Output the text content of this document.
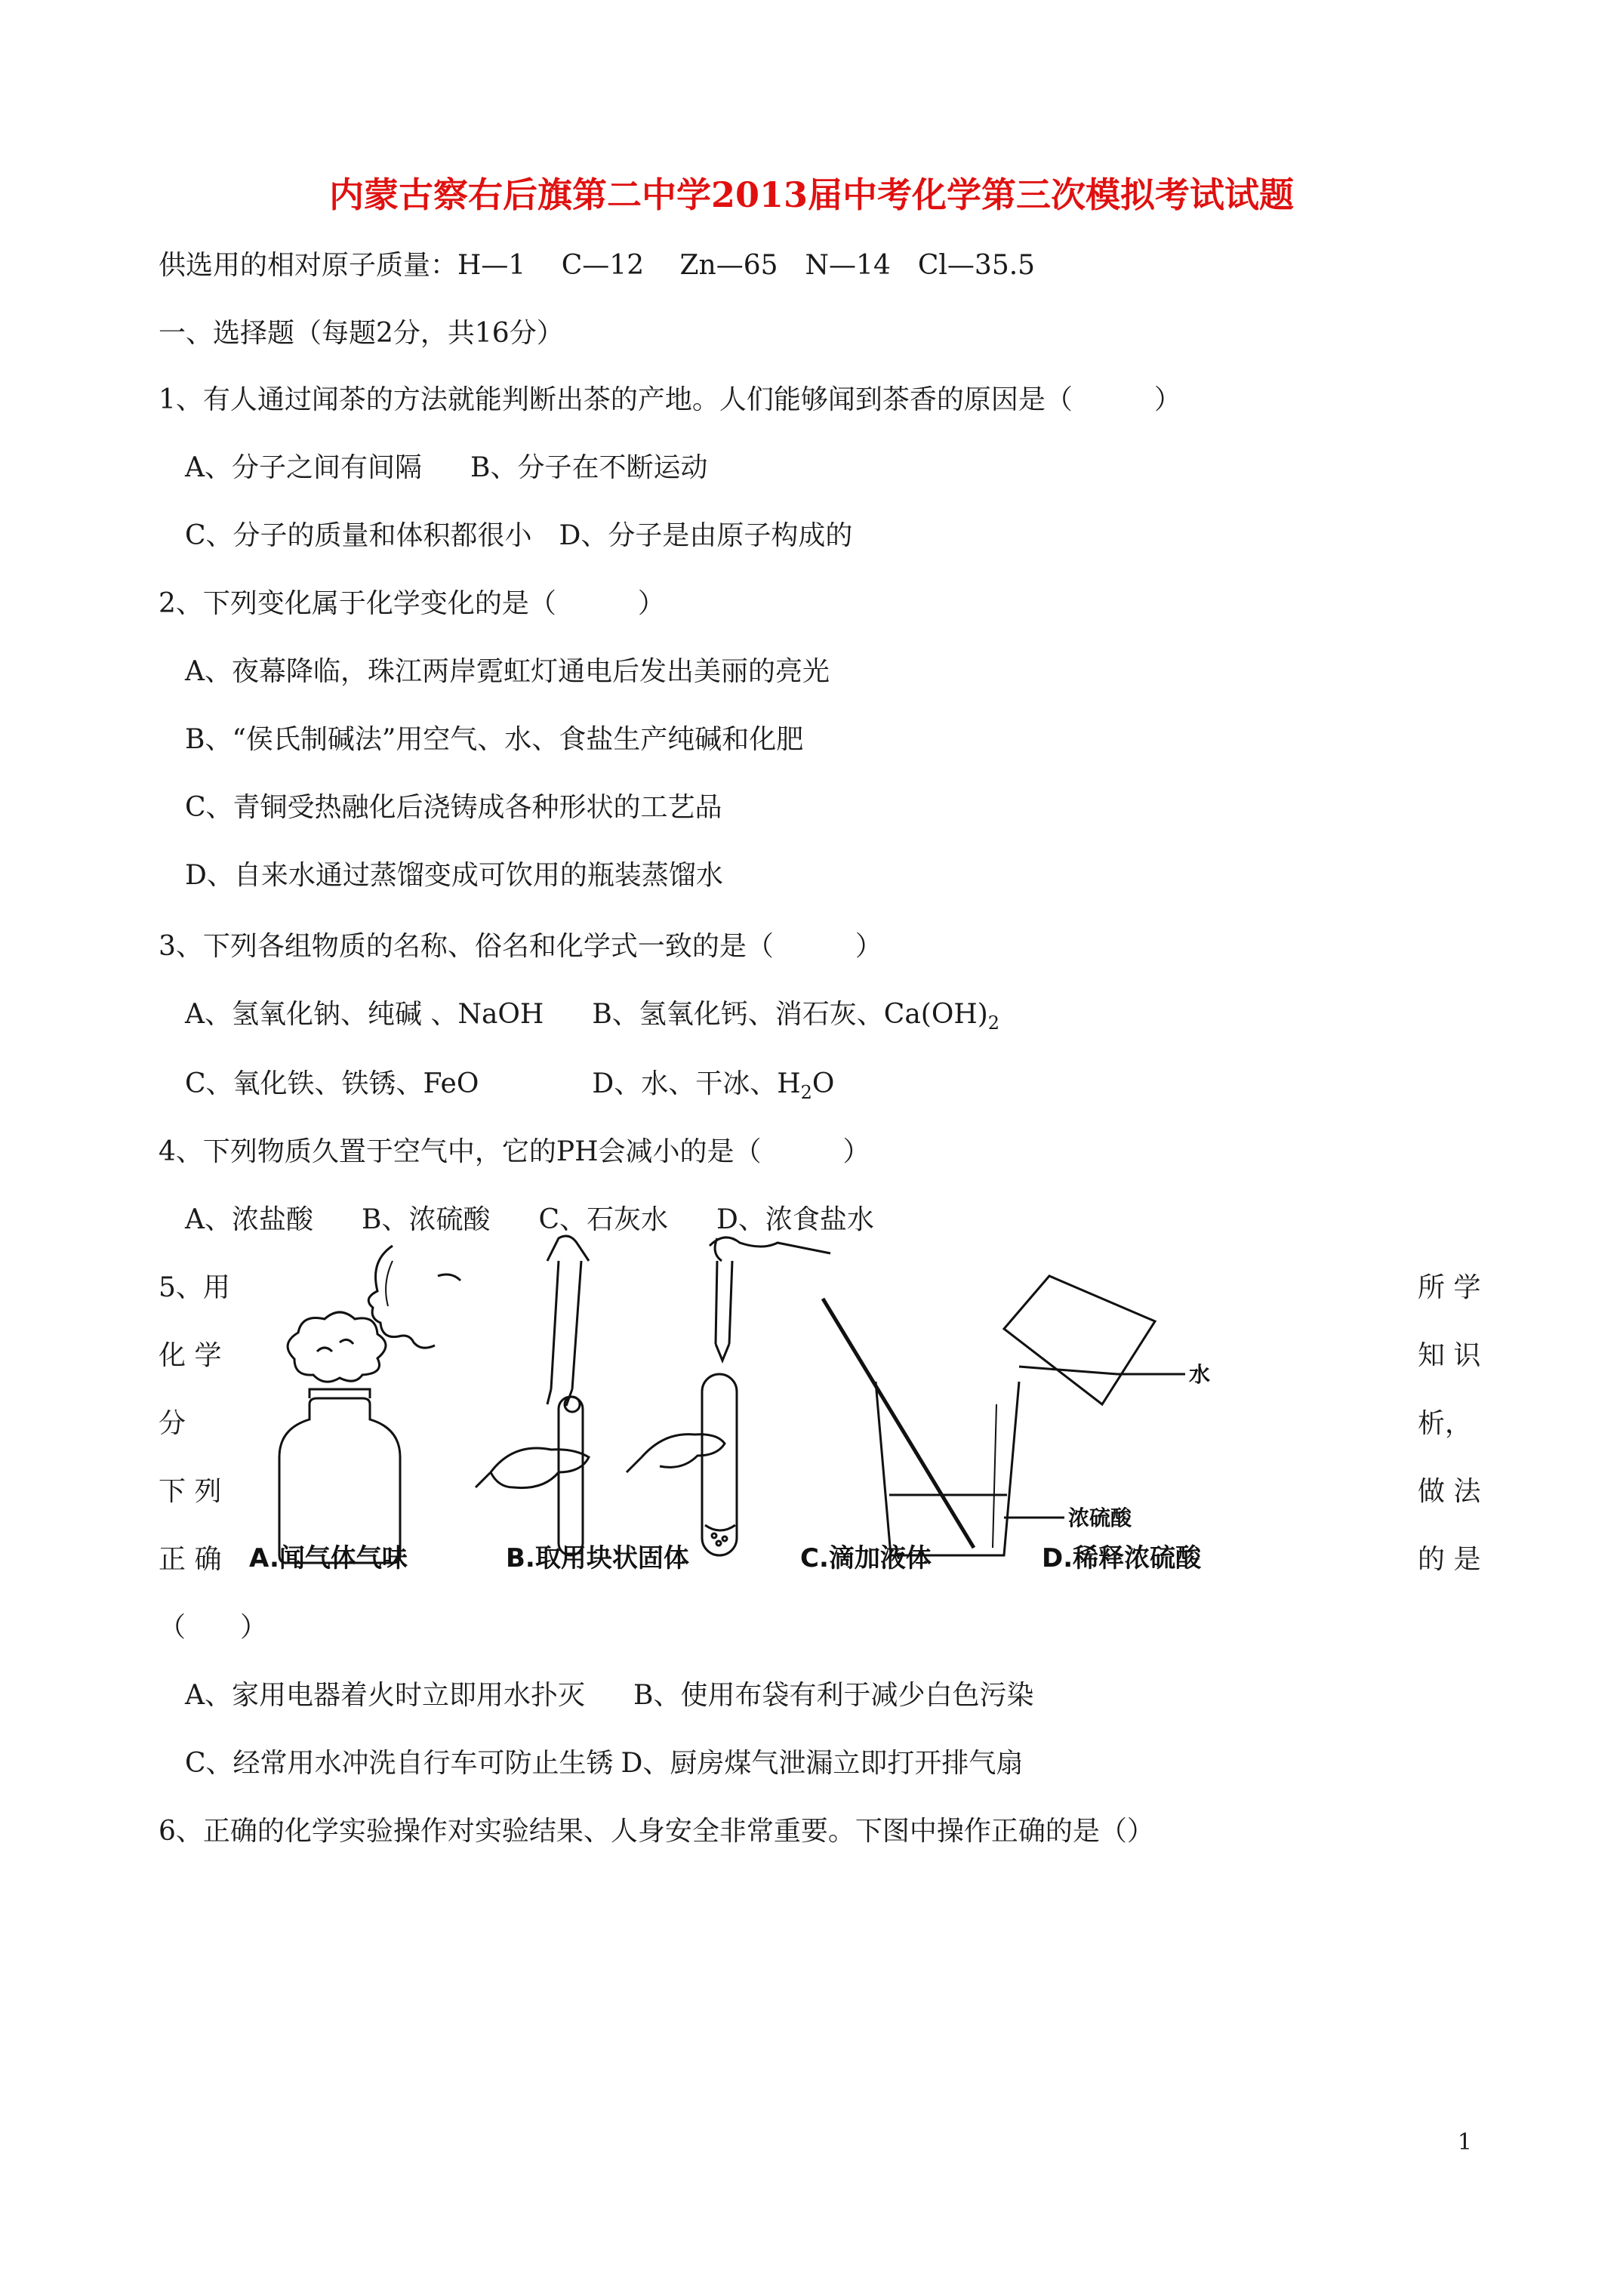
内蒙古察右后旗第二中学2013届中考化学第三次模拟考试试题
供选用的相对原子质量：H—1　 C—12　 Zn—65　N—14　Cl—35.5
一、选择题（每题2分，共16分）
1、有人通过闻茶的方法就能判断出茶的产地。人们能够闻到茶香的原因是（　　　）
A、分子之间有间隔 B、分子在不断运动
C、分子的质量和体积都很小 D、分子是由原子构成的
2、下列变化属于化学变化的是（　　　）
A、夜幕降临，珠江两岸霓虹灯通电后发出美丽的亮光
B、“侯氏制碱法”用空气、水、食盐生产纯碱和化肥
C、青铜受热融化后浇铸成各种形状的工艺品
D、自来水通过蒸馏变成可饮用的瓶装蒸馏水
3、下列各组物质的名称、俗名和化学式一致的是（　　　）
A、氢氧化钠、纯碱 、NaOH B、氢氧化钙、消石灰、$Ca(OH)_2$
C、氧化铁、铁锈、FeO	D、水、干冰、$H_2O$
4、下列物质久置于空气中，它的PH会减小的是（　　　）
A、浓盐酸 B、浓硫酸 C、石灰水 D、浓食盐水
5、用
化 学
分
下 列
正 确
所 学
知 识
析，
做 法
的 是
水
浓硫酸
A.闻气体气味	B.取用块状固体	C.滴加液体	D.稀释浓硫酸
（　　）
A、家用电器着火时立即用水扑灭 B、使用布袋有利于减少白色污染
C、经常用水冲洗自行车可防止生锈 D、厨房煤气泄漏立即打开排气扇
6、正确的化学实验操作对实验结果、人身安全非常重要。下图中操作正确的是（）
1
